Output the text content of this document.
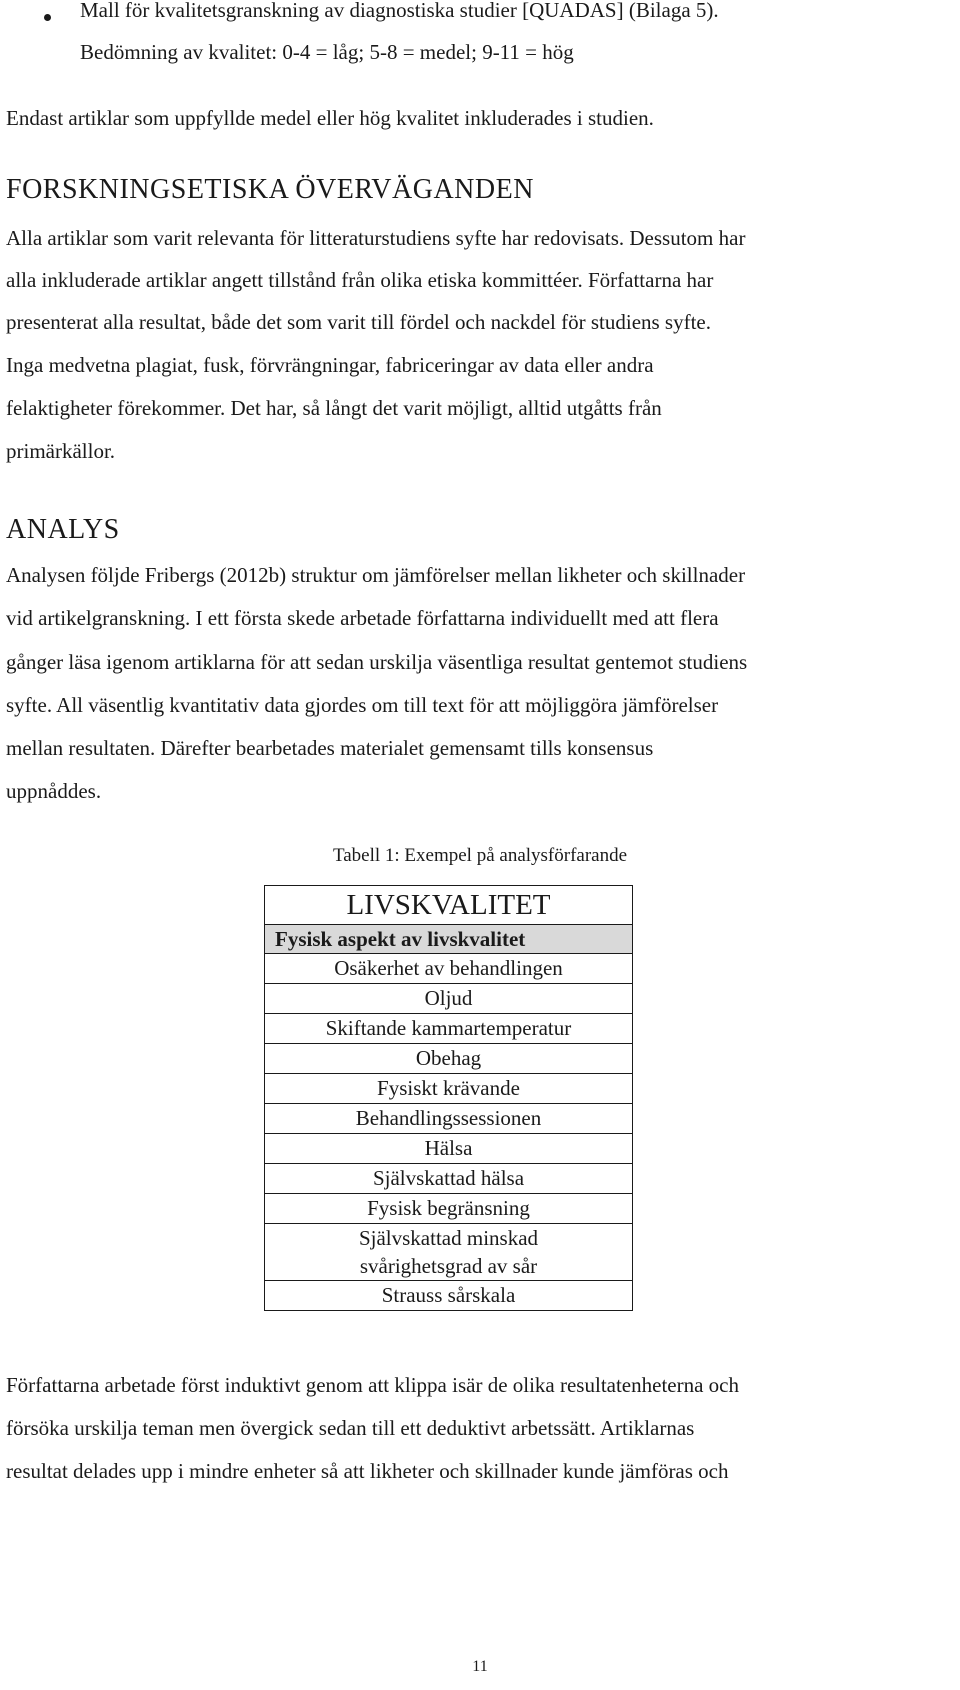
Mall för kvalitetsgranskning av diagnostiska studier [QUADAS] (Bilaga 5).
Bedömning av kvalitet: 0-4 = låg; 5-8 = medel; 9-11 = hög
Endast artiklar som uppfyllde medel eller hög kvalitet inkluderades i studien.
FORSKNINGSETISKA ÖVERVÄGANDEN
Alla artiklar som varit relevanta för litteraturstudiens syfte har redovisats. Dessutom har
alla inkluderade artiklar angett tillstånd från olika etiska kommittéer. Författarna har
presenterat alla resultat, både det som varit till fördel och nackdel för studiens syfte.
Inga medvetna plagiat, fusk, förvrängningar, fabriceringar av data eller andra
felaktigheter förekommer. Det har, så långt det varit möjligt, alltid utgåtts från
primärkällor.
ANALYS
Analysen följde Fribergs (2012b) struktur om jämförelser mellan likheter och skillnader
vid artikelgranskning. I ett första skede arbetade författarna individuellt med att flera
gånger läsa igenom artiklarna för att sedan urskilja väsentliga resultat gentemot studiens
syfte. All väsentlig kvantitativ data gjordes om till text för att möjliggöra jämförelser
mellan resultaten. Därefter bearbetades materialet gemensamt tills konsensus
uppnåddes.
Tabell 1: Exempel på analysförfarande
LIVSKVALITET
Fysisk aspekt av livskvalitet
Osäkerhet av behandlingen
Oljud
Skiftande kammartemperatur
Obehag
Fysiskt krävande
Behandlingssessionen
Hälsa
Självskattad hälsa
Fysisk begränsning
Självskattad minskad
svårighetsgrad av sår
Strauss sårskala
Författarna arbetade först induktivt genom att klippa isär de olika resultatenheterna och
försöka urskilja teman men övergick sedan till ett deduktivt arbetssätt. Artiklarnas
resultat delades upp i mindre enheter så att likheter och skillnader kunde jämföras och
11
